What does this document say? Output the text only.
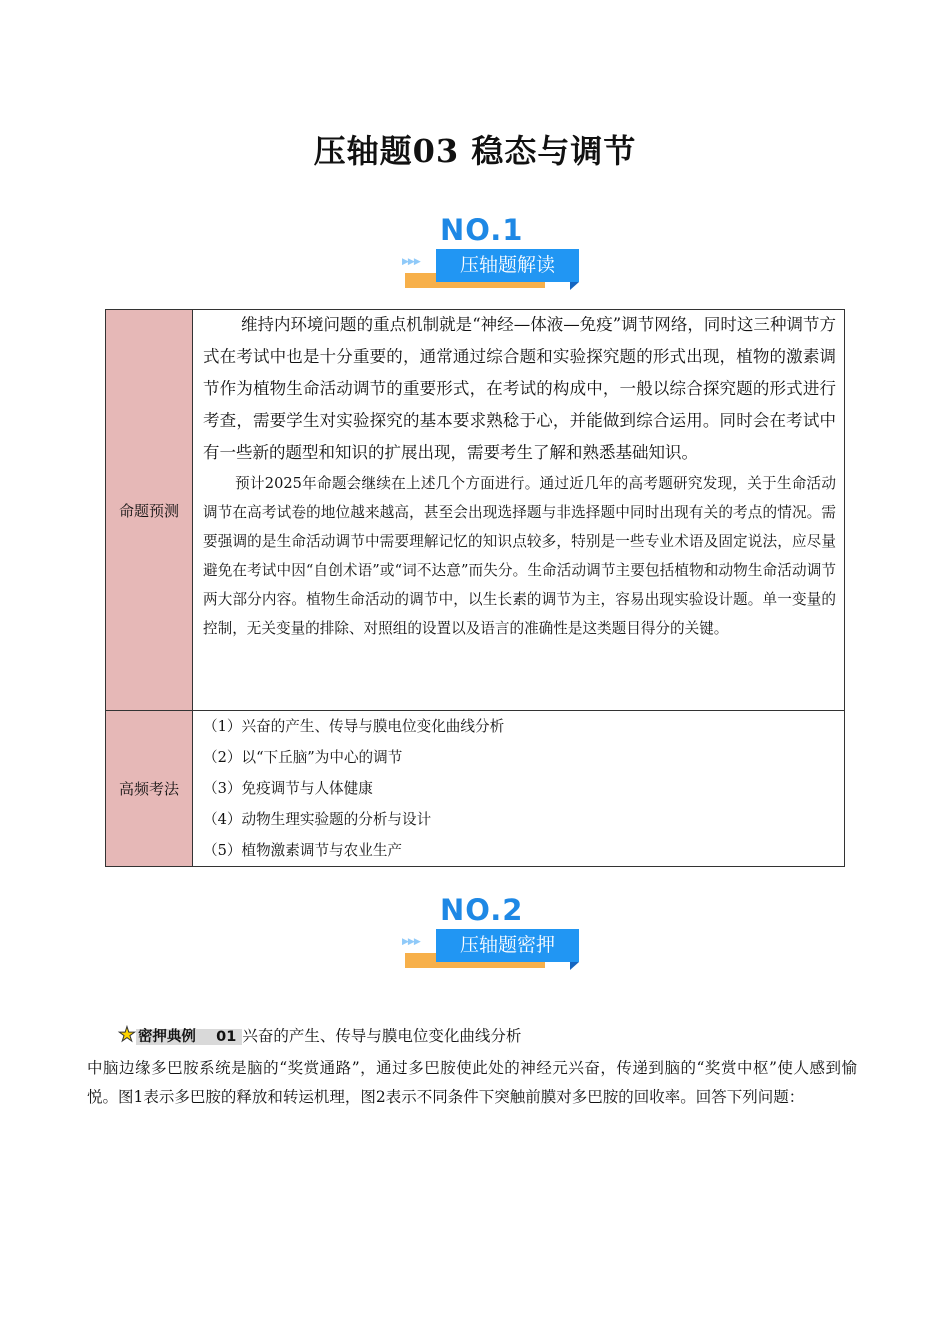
压轴题03 稳态与调节
NO.1
▶▶▶	压轴题解读
命题预测	维持内环境问题的重点机制就是“神经—体液—免疫”调节网络，同时这三种调节方式在考试中也是十分重要的，通常通过综合题和实验探究题的形式出现，植物的激素调节作为植物生命活动调节的重要形式，在考试的构成中，一般以综合探究题的形式进行考查，需要学生对实验探究的基本要求熟稔于心，并能做到综合运用。同时会在考试中有一些新的题型和知识的扩展出现，需要考生了解和熟悉基础知识。

预计2025年命题会继续在上述几个方面进行。通过近几年的高考题研究发现，关于生命活动调节在高考试卷的地位越来越高，甚至会出现选择题与非选择题中同时出现有关的考点的情况。需要强调的是生命活动调节中需要理解记忆的知识点较多，特别是一些专业术语及固定说法，应尽量避免在考试中因“自创术语”或“词不达意”而失分。生命活动调节主要包括植物和动物生命活动调节两大部分内容。植物生命活动的调节中，以生长素的调节为主，容易出现实验设计题。单一变量的控制，无关变量的排除、对照组的设置以及语言的准确性是这类题目得分的关键。

高频考法	（1）兴奋的产生、传导与膜电位变化曲线分析
（2）以“下丘脑”为中心的调节
（3）免疫调节与人体健康
（4）动物生理实验题的分析与设计
（5）植物激素调节与农业生产
NO.2
▶▶▶	压轴题密押
★ 密押典例 01 兴奋的产生、传导与膜电位变化曲线分析

中脑边缘多巴胺系统是脑的“奖赏通路”，通过多巴胺使此处的神经元兴奋，传递到脑的“奖赏中枢”使人感到愉悦。图1表示多巴胺的释放和转运机理，图2表示不同条件下突触前膜对多巴胺的回收率。回答下列问题：
